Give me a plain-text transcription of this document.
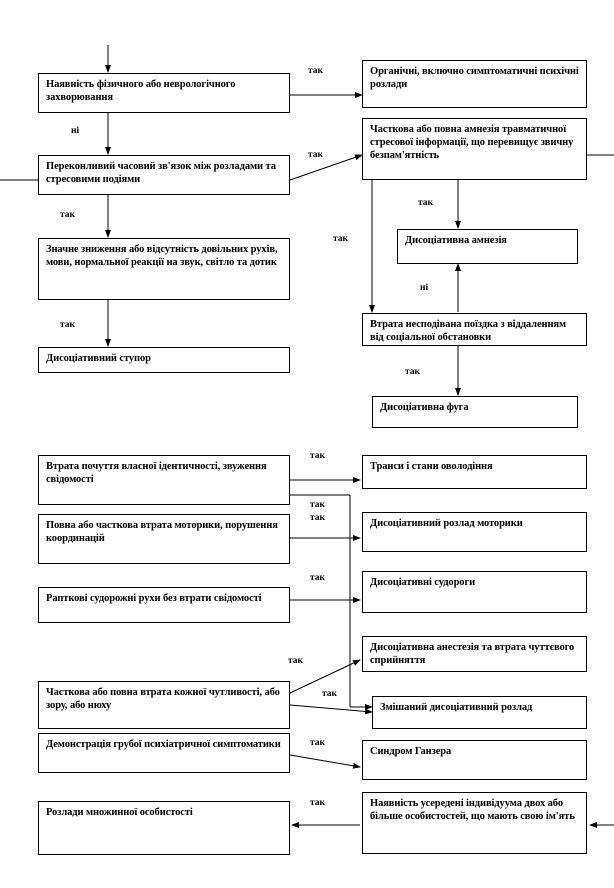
Наявність фізичного або неврологічного захворювання
Переконливий часовий зв'язок між розладами та стресовими подіями
Значне зниження або відсутність довільних рухів, мови, нормальної реакції на звук, світло та дотик
Дисоціативний ступор
Органічні, включно симптоматичні психічні розлади
Часткова або повна амнезія травматичної стресової інформації, що перевищує звичну безпам'ятність
Дисоціативна амнезія
Втрата несподівана поїздка з віддаленням від соціальної обстановки
Дисоціативна фуга
Втрата почуття власної ідентичності, звуження свідомості
Повна або часткова втрата моторики, порушення координацій
Рапткові судорожні рухи без втрати свідомості
Часткова або повна втрата кожної чутливості, або зору, або нюху
Демонстрація грубої психіатричної симптоматики
Розлади множинної особистості
Транси і стани оволодіння
Дисоціативний розлад моторики
Дисоціативні судороги
Дисоціативна анестезія та втрата чуттєвого сприйняття
Змішаний дисоціативний розлад
Синдром Ганзера
Наявність усередені індивідуума двох або більше особистостей, що мають свою ім'ять
так
ні
так
так
так
так
ні
так
так
так
так
так
так
так
так
так
так
